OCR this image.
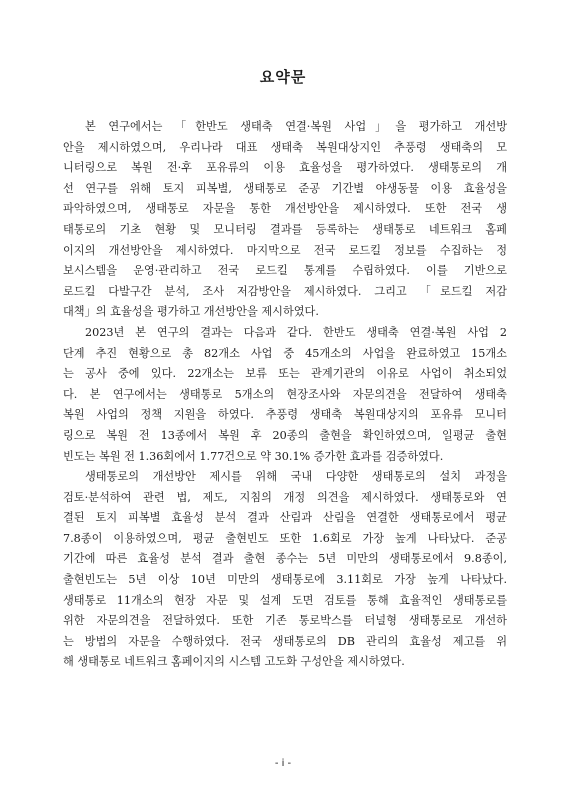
요약문
본 연구에서는 「한반도 생태축 연결·복원 사업」을 평가하고 개선방
안을 제시하였으며, 우리나라 대표 생태축 복원대상지인 추풍령 생태축의 모
니터링으로 복원 전·후 포유류의 이용 효율성을 평가하였다. 생태통로의 개
선 연구를 위해 토지 피복별, 생태통로 준공 기간별 야생동물 이용 효율성을
파악하였으며, 생태통로 자문을 통한 개선방안을 제시하였다. 또한 전국 생
태통로의 기초 현황 및 모니터링 결과를 등록하는 생태통로 네트워크 홈페
이지의 개선방안을 제시하였다. 마지막으로 전국 로드킬 정보를 수집하는 정
보시스템을 운영·관리하고 전국 로드킬 통계를 수립하였다. 이를 기반으로
로드킬 다발구간 분석, 조사 저감방안을 제시하였다. 그리고 「로드킬 저감
대책」의 효율성을 평가하고 개선방안을 제시하였다.
2023년 본 연구의 결과는 다음과 같다. 한반도 생태축 연결·복원 사업 2
단계 추진 현황으로 총 82개소 사업 중 45개소의 사업을 완료하였고 15개소
는 공사 중에 있다. 22개소는 보류 또는 관계기관의 이유로 사업이 취소되었
다. 본 연구에서는 생태통로 5개소의 현장조사와 자문의견을 전달하여 생태축
복원 사업의 정책 지원을 하였다. 추풍령 생태축 복원대상지의 포유류 모니터
링으로 복원 전 13종에서 복원 후 20종의 출현을 확인하였으며, 일평균 출현
빈도는 복원 전 1.36회에서 1.77건으로 약 30.1% 증가한 효과를 검증하였다.
생태통로의 개선방안 제시를 위해 국내 다양한 생태통로의 설치 과정을
검토·분석하여 관련 법, 제도, 지침의 개정 의견을 제시하였다. 생태통로와 연
결된 토지 피복별 효율성 분석 결과 산림과 산림을 연결한 생태통로에서 평균
7.8종이 이용하였으며, 평균 출현빈도 또한 1.6회로 가장 높게 나타났다. 준공
기간에 따른 효율성 분석 결과 출현 종수는 5년 미만의 생태통로에서 9.8종이,
출현빈도는 5년 이상 10년 미만의 생태통로에 3.11회로 가장 높게 나타났다.
생태통로 11개소의 현장 자문 및 설계 도면 검토를 통해 효율적인 생태통로를
위한 자문의견을 전달하였다. 또한 기존 통로박스를 터널형 생태통로로 개선하
는 방법의 자문을 수행하였다. 전국 생태통로의 DB 관리의 효율성 제고를 위
해 생태통로 네트워크 홈페이지의 시스템 고도화 구성안을 제시하였다.
- i -
